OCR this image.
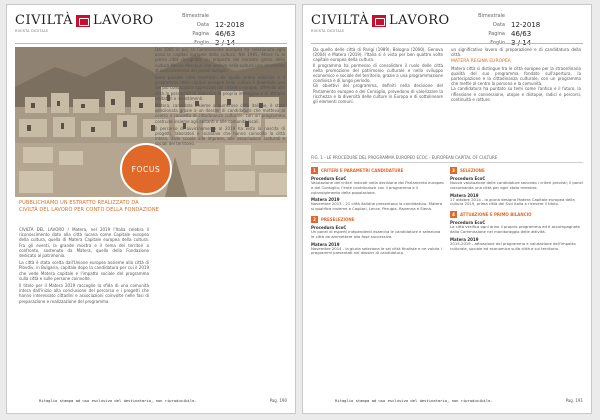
CIVILTÀ LAVORO
RIVISTA DIGITALE
Bimestrale
Data 12-2018
Pagina 46/63
FOCUS
PUBBLICHIAMO UN ESTRATTO REALIZZATO DA CIVILTÀ DEL LAVORO PER CONTO DELLA FONDAZIONE

CIVILTÀ DEL LAVORO / Matera, nel 2019 l'Italia celebra il riconoscimento dato alla città lucana come Capitale europea della cultura, quella di Matera Capitale europea della cultura. Fra gli eventi, la grande mostra e il tema dei territori a confronto, sostenuto da Matera, quello della Fondazione dedicato al patrimonio.

La città è stata scelta dall'Unione europea assieme alla città di Plovdiv, in Bulgaria, capitale dopo la candidatura per cui il 2019 che vede Matera capitale e l'impatto sociale del programma sulla città e sulle persone coinvolte.

Il titolo per il Matera 2019 raccoglie la sfida di una comunità intera dall'inizio alla conclusione del percorso e i progetti che hanno interessato cittadini e associazioni coinvolte nelle fasi di preparazione e realizzazione del programma.

Dal 1985 in poi, la Commissione europea ha selezionato ogni anno le capitali europee della cultura. Nel 1985, Atene fu la prima città designata, su proposta del ministro greco della cultura Melina Mercouri che vedeva nella cultura uno strumento di avvicinamento dei popoli europei.

Sono passate oltre trent'anni da quella prima edizione e il programma delle capitali europee della cultura è diventato uno dei più conosciuti e apprezzati dai cittadini europei, offrendo alle città la possibilità di rilanciare la propria immagine e di attrarre visitatori e investimenti.

Matera, candidata insieme a numerose città italiane, è stata selezionata grazie a un dossier di candidatura che metteva al centro il concetto di cittadinanza culturale, con un programma costruito insieme agli abitanti e alle comunità locali.

Il percorso di avvicinamento al 2019 ha visto la nascita di progetti, laboratori e iniziative che hanno coinvolto la città intera, dalle scuole alle imprese, alle associazioni culturali e sociali del territorio.

Ritaglio stampa ad uso esclusivo del destinatario, non riproducibile.	Pag. 190
CIVILTÀ LAVORO
RIVISTA DIGITALE
Bimestrale
Data 12-2018
Pagina 46/63

Da quello delle città di Parigi (1989), Bologna (2000), Genova (2004) e Matera (2019), l'Italia si è vista per ben quattro volte capitale europea della cultura.

Il programma ha permesso di consolidare il ruolo delle città nella promozione del patrimonio culturale e nello sviluppo economico e sociale del territorio, grazie a una programmazione condivisa e di lungo periodo.

Gli obiettivi del programma, definiti nella decisione del Parlamento europeo e del Consiglio, prevedono di valorizzare la ricchezza e la diversità delle culture in Europa e di sottolineare gli elementi comuni.

un significativo lavoro di preparazione e di candidatura della città.

MATERA REGINA EUROPEA

Matera città si distingue tra le città europee per la straordinaria qualità del suo programma fondato sull'apertura, la partecipazione e la cittadinanza culturale, con un programma che mette al centro la persona e la comunità.

La candidatura ha puntato su temi come l'antico e il futuro, la riflessione e connessione, utopie e distopie, radici e percorsi, continuità e rotture.

FIG. 1 - LE PROCEDURE DEL PROGRAMMA EUROPEO ECOC - EUROPEAN CAPITAL OF CULTURE
1	CRITERI E PARAMETRI CANDIDATURE
Procedura EcoC
Valutazione dei criteri indicati nella decisione del Parlamento europeo e del Consiglio; l'ente contribuisce con il programma e il coinvolgimento della popolazione.
Matera 2019
Novembre 2013 - 21 città italiane presentano la candidatura. Matera si qualifica insieme a Cagliari, Lecce, Perugia, Ravenna e Siena.
2	PRESELEZIONE
Procedura EcoC
Un panel di esperti indipendenti esamina le candidature e seleziona le città da ammettere alla fase successiva.
Matera 2019
Novembre 2014 - la giuria seleziona le sei città finaliste e ne valuta i programmi presentati nel dossier di candidatura.
3	SELEZIONE
Procedura EcoC
Nuova valutazione delle candidature secondo i criteri previsti; il panel raccomanda una città per ogni stato membro.
Matera 2019
17 ottobre 2014 - la giuria designa Matera Capitale europea della cultura 2019, prima città del Sud Italia a ricevere il titolo.
4	ATTUAZIONE E PRIMO BILANCIO
Procedura EcoC
La città verifica ogni anno il proprio programma ed è accompagnata dalla Commissione nel monitoraggio delle attività.
Matera 2019
2015-2019 - attuazione del programma e valutazione dell'impatto culturale, sociale ed economico sulla città e sul territorio.
Ritaglio stampa ad uso esclusivo del destinatario, non riproducibile.	Pag. 191
